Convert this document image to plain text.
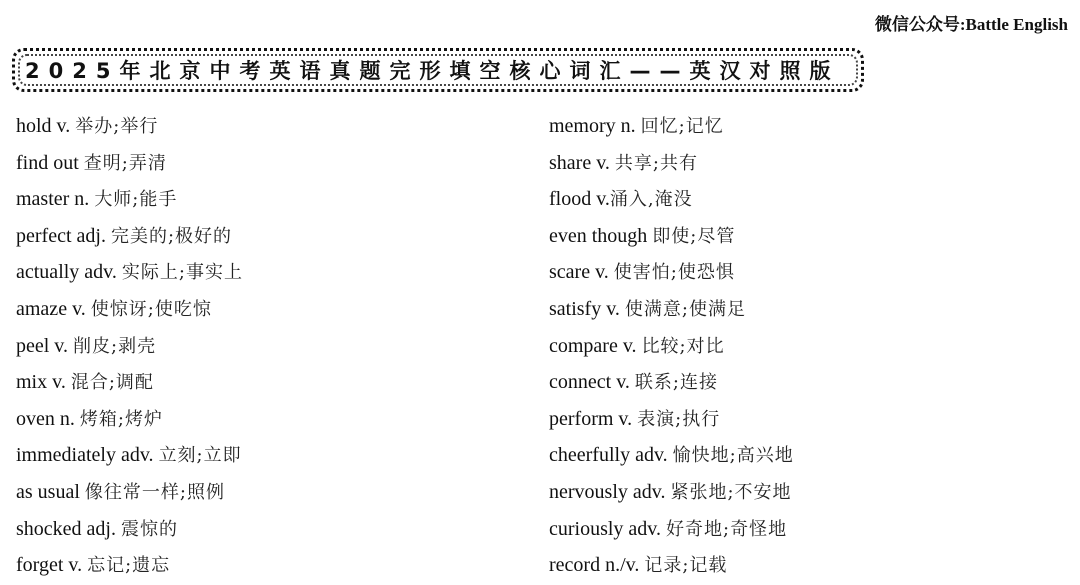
微信公众号:Battle English
2025年北京中考英语真题完形填空核心词汇——英汉对照版
hold v. 举办;举行
find out 查明;弄清
master n. 大师;能手
perfect adj. 完美的;极好的
actually adv. 实际上;事实上
amaze v. 使惊讶;使吃惊
peel v. 削皮;剥壳
mix v. 混合;调配
oven n. 烤箱;烤炉
immediately adv. 立刻;立即
as usual 像往常一样;照例
shocked adj. 震惊的
forget v. 忘记;遗忘
memory n. 回忆;记忆
share v. 共享;共有
flood v.涌入,淹没
even though 即使;尽管
scare v. 使害怕;使恐惧
satisfy v. 使满意;使满足
compare v. 比较;对比
connect v. 联系;连接
perform v. 表演;执行
cheerfully adv. 愉快地;高兴地
nervously adv. 紧张地;不安地
curiously adv. 好奇地;奇怪地
record n./v. 记录;记载
